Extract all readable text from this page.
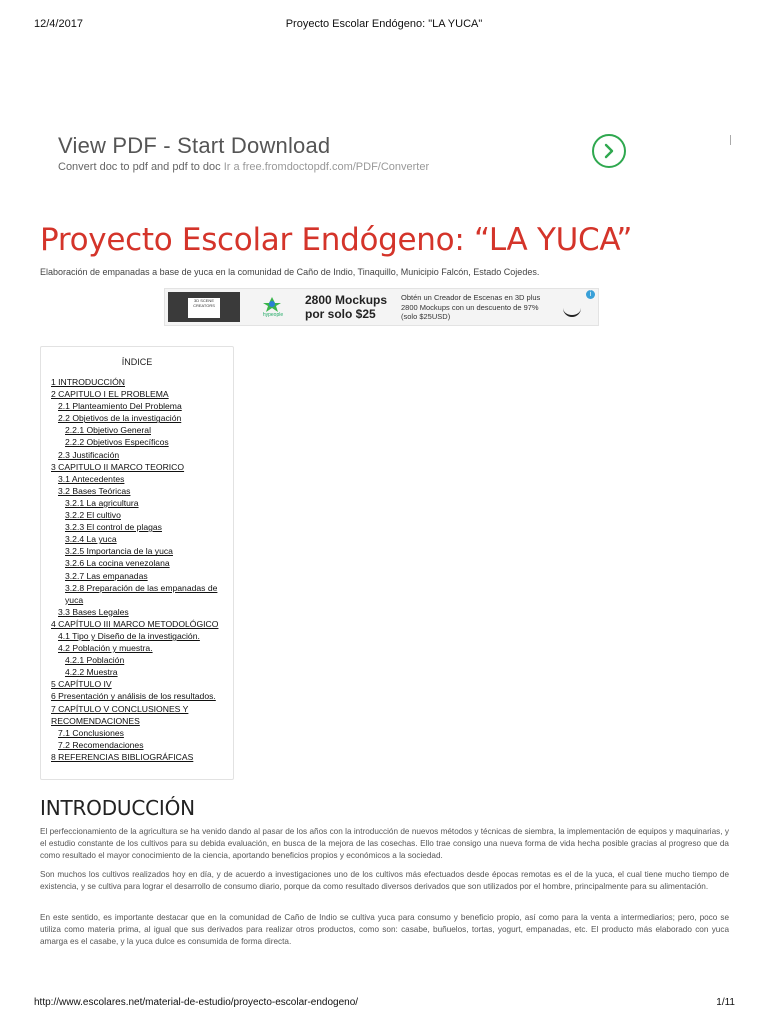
12/4/2017	Proyecto Escolar Endógeno: "LA YUCA"
View PDF - Start Download
Convert doc to pdf and pdf to doc Ir a free.fromdoctopdf.com/PDF/Converter
Proyecto Escolar Endógeno: “LA YUCA”
Elaboración de empanadas a base de yuca en la comunidad de Caño de Indio, Tinaquillo, Municipio Falcón, Estado Cojedes.
3D SCENE
CREATORS
hypeople
2800 Mockups
por solo $25
Obtén un Creador de Escenas en 3D plus 2800 Mockups con un descuento de 97% (solo $25USD)
i
ÍNDICE
1 INTRODUCCIÓN
2 CAPITULO I EL PROBLEMA
2.1 Planteamiento Del Problema
2.2 Objetivos de la investigación
2.2.1 Objetivo General
2.2.2 Objetivos Específicos
2.3 Justificación
3 CAPITULO II MARCO TEORICO
3.1 Antecedentes
3.2 Bases Teóricas
3.2.1 La agricultura
3.2.2 El cultivo
3.2.3 El control de plagas
3.2.4 La yuca
3.2.5 Importancia de la yuca
3.2.6 La cocina venezolana
3.2.7 Las empanadas
3.2.8 Preparación de las empanadas de yuca
3.3 Bases Legales
4 CAPÍTULO III MARCO METODOLÓGICO
4.1 Tipo y Diseño de la investigación.
4.2 Población y muestra.
4.2.1 Población
4.2.2 Muestra
5 CAPÍTULO IV
6 Presentación y análisis de los resultados.
7 CAPÍTULO V CONCLUSIONES Y RECOMENDACIONES
7.1 Conclusiones
7.2 Recomendaciones
8 REFERENCIAS BIBLIOGRÁFICAS
INTRODUCCIÓN

El perfeccionamiento de la agricultura se ha venido dando al pasar de los años con la introducción de nuevos métodos y técnicas de siembra, la implementación de equipos y maquinarias, y el estudio constante de los cultivos para su debida evaluación, en busca de la mejora de las cosechas. Ello trae consigo una nueva forma de vida hecha posible gracias al progreso que da como resultado el mayor conocimiento de la ciencia, aportando beneficios propios y económicos a la sociedad.

Son muchos los cultivos realizados hoy en día, y de acuerdo a investigaciones uno de los cultivos más efectuados desde épocas remotas es el de la yuca, el cual tiene mucho tiempo de existencia, y se cultiva para lograr el desarrollo de consumo diario, porque da como resultado diversos derivados que son utilizados por el hombre, principalmente para su alimentación.

En este sentido, es importante destacar que en la comunidad de Caño de Indio se cultiva yuca para consumo y beneficio propio, así como para la venta a intermediarios; pero, poco se utiliza como materia prima, al igual que sus derivados para realizar otros productos, como son: casabe, buñuelos, tortas, yogurt, empanadas, etc. El producto más elaborado con yuca amarga es el casabe, y la yuca dulce es consumida de forma directa.

http://www.escolares.net/material-de-estudio/proyecto-escolar-endogeno/	1/11
